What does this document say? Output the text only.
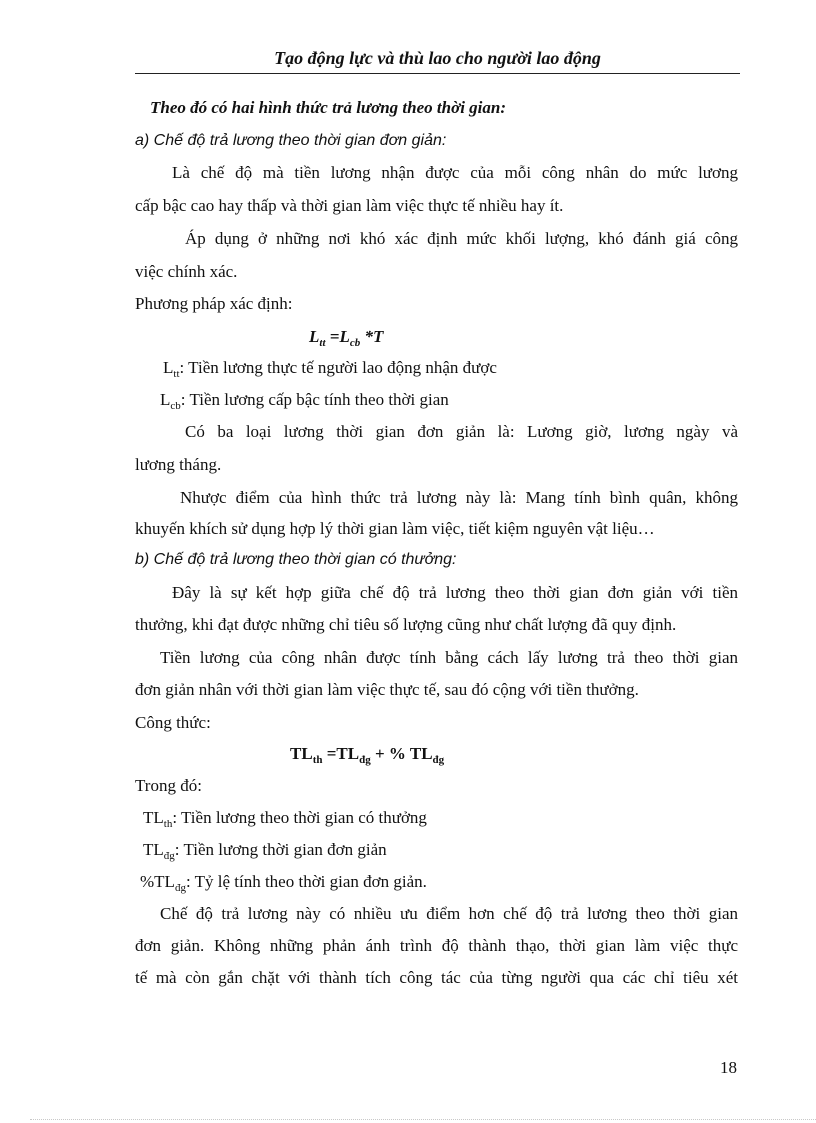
Tạo động lực và thù lao cho người lao động
Theo đó có hai hình thức trả lương theo thời gian:
a) Chế độ trả lương theo thời gian đơn giản:
Là chế độ mà tiền lương nhận được của mỗi công nhân do mức lương
cấp bậc cao hay thấp và thời gian làm việc thực tế nhiều hay ít.
Áp dụng ở những nơi khó xác định mức khối lượng, khó đánh giá công
việc chính xác.
Phương pháp xác định:
$L_{tt} =L_{cb}$ *T
$L_{tt}$: Tiền lương thực tế người lao động nhận được
$L_{cb}$: Tiền lương cấp bậc tính theo thời gian
Có ba loại lương thời gian đơn giản là: Lương giờ, lương ngày và
lương tháng.
Nhược điểm của hình thức trả lương này là: Mang tính bình quân, không
khuyến khích sử dụng hợp lý thời gian làm việc, tiết kiệm nguyên vật liệu…
b) Chế độ trả lương theo thời gian có thưởng:
Đây là sự kết hợp giữa chế độ trả lương theo thời gian đơn giản với tiền
thưởng, khi đạt được những chỉ tiêu số lượng cũng như chất lượng đã quy định.
Tiền lương của công nhân được tính bằng cách lấy lương trả theo thời gian
đơn giản nhân với thời gian làm việc thực tế, sau đó cộng với tiền thưởng.
Công thức:
$TL_{th} =TL_{đg}$ + % $TL_{đg}$
Trong đó:
$TL_{th}$: Tiền lương theo thời gian có thưởng
$TL_{đg}$: Tiền lương thời gian đơn giản
$\%TL_{đg}$: Tỷ lệ tính theo thời gian đơn giản.
Chế độ trả lương này có nhiều ưu điểm hơn chế độ trả lương theo thời gian
đơn giản. Không những phản ánh trình độ thành thạo, thời gian làm việc thực
tế mà còn gắn chặt với thành tích công tác của từng người qua các chỉ tiêu xét
18
